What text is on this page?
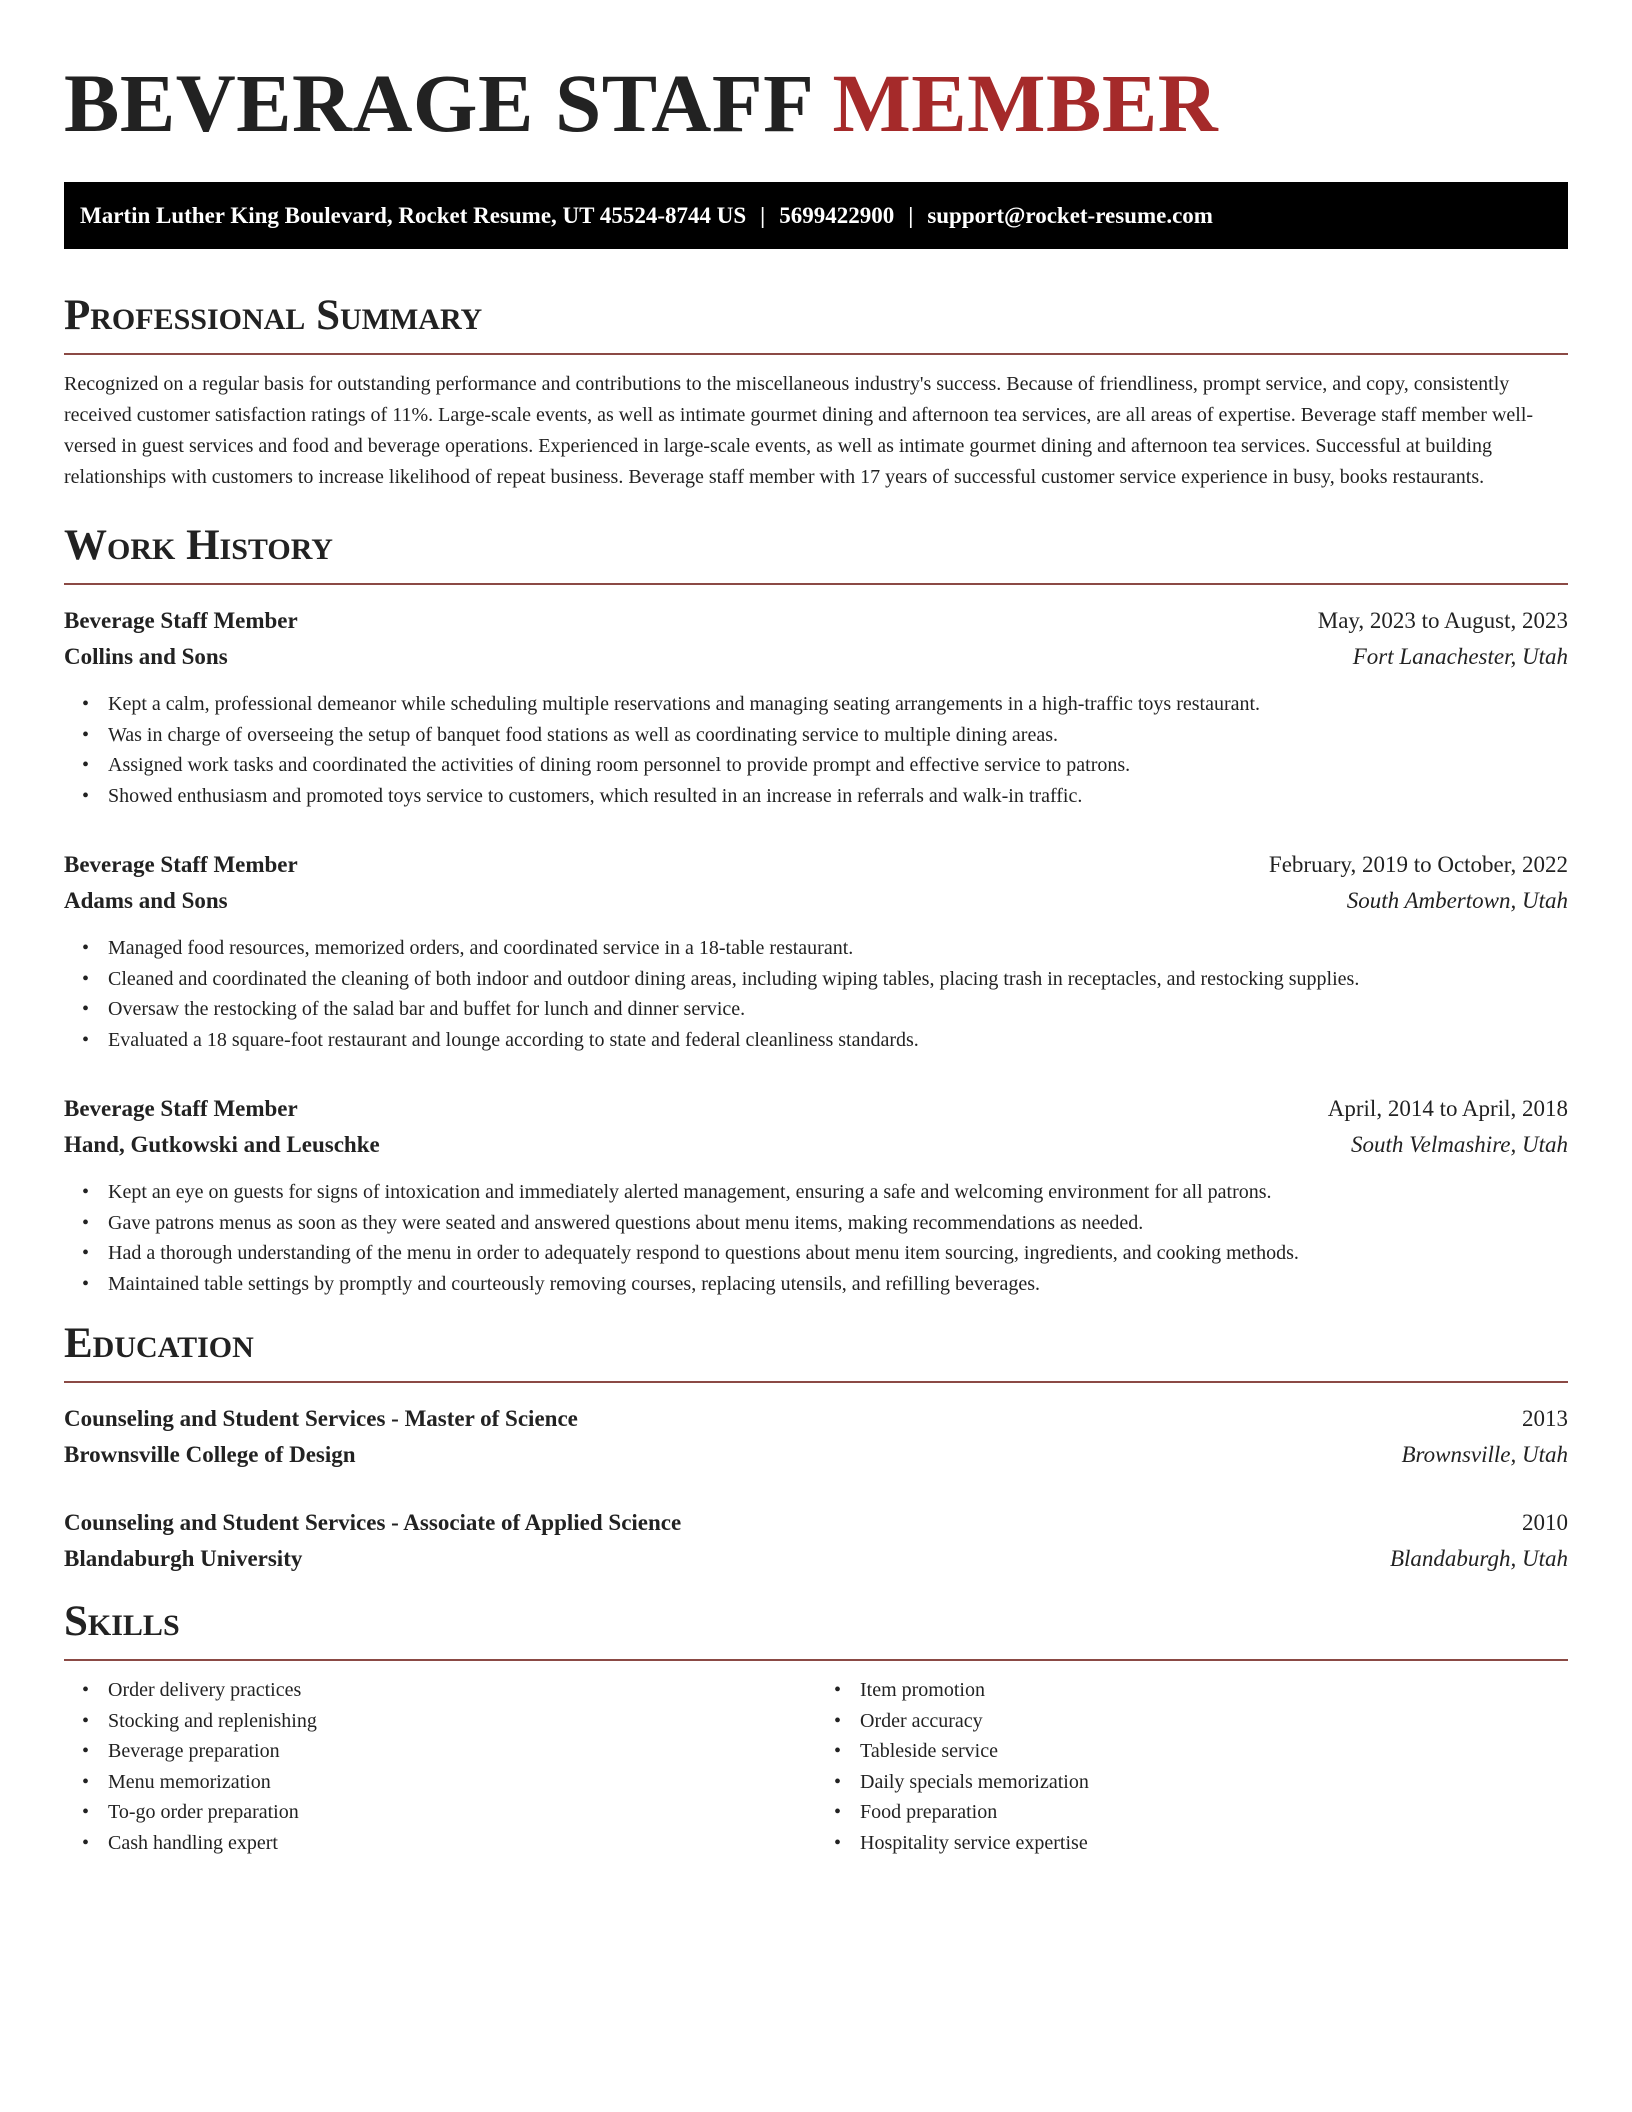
BEVERAGE STAFF MEMBER
Martin Luther King Boulevard, Rocket Resume, UT 45524-8744 US | 5699422900 | support@rocket-resume.com
Professional Summary

Recognized on a regular basis for outstanding performance and contributions to the miscellaneous industry's success. Because of friendliness, prompt service, and copy, consistently received customer satisfaction ratings of 11%. Large-scale events, as well as intimate gourmet dining and afternoon tea services, are all areas of expertise. Beverage staff member well-versed in guest services and food and beverage operations. Experienced in large-scale events, as well as intimate gourmet dining and afternoon tea services. Successful at building relationships with customers to increase likelihood of repeat business. Beverage staff member with 17 years of successful customer service experience in busy, books restaurants.

Work History
Beverage Staff Member	May, 2023 to August, 2023
Collins and Sons	Fort Lanachester, Utah
• Kept a calm, professional demeanor while scheduling multiple reservations and managing seating arrangements in a high-traffic toys restaurant.
• Was in charge of overseeing the setup of banquet food stations as well as coordinating service to multiple dining areas.
• Assigned work tasks and coordinated the activities of dining room personnel to provide prompt and effective service to patrons.
• Showed enthusiasm and promoted toys service to customers, which resulted in an increase in referrals and walk-in traffic.
Beverage Staff Member	February, 2019 to October, 2022
Adams and Sons	South Ambertown, Utah
• Managed food resources, memorized orders, and coordinated service in a 18-table restaurant.
• Cleaned and coordinated the cleaning of both indoor and outdoor dining areas, including wiping tables, placing trash in receptacles, and restocking supplies.
• Oversaw the restocking of the salad bar and buffet for lunch and dinner service.
• Evaluated a 18 square-foot restaurant and lounge according to state and federal cleanliness standards.
Beverage Staff Member	April, 2014 to April, 2018
Hand, Gutkowski and Leuschke	South Velmashire, Utah
• Kept an eye on guests for signs of intoxication and immediately alerted management, ensuring a safe and welcoming environment for all patrons.
• Gave patrons menus as soon as they were seated and answered questions about menu items, making recommendations as needed.
• Had a thorough understanding of the menu in order to adequately respond to questions about menu item sourcing, ingredients, and cooking methods.
• Maintained table settings by promptly and courteously removing courses, replacing utensils, and refilling beverages.
Education
Counseling and Student Services - Master of Science	2013
Brownsville College of Design	Brownsville, Utah
Counseling and Student Services - Associate of Applied Science	2010
Blandaburgh University	Blandaburgh, Utah
Skills
• Order delivery practices
• Stocking and replenishing
• Beverage preparation
• Menu memorization
• To-go order preparation
• Cash handling expert
• Item promotion
• Order accuracy
• Tableside service
• Daily specials memorization
• Food preparation
• Hospitality service expertise
